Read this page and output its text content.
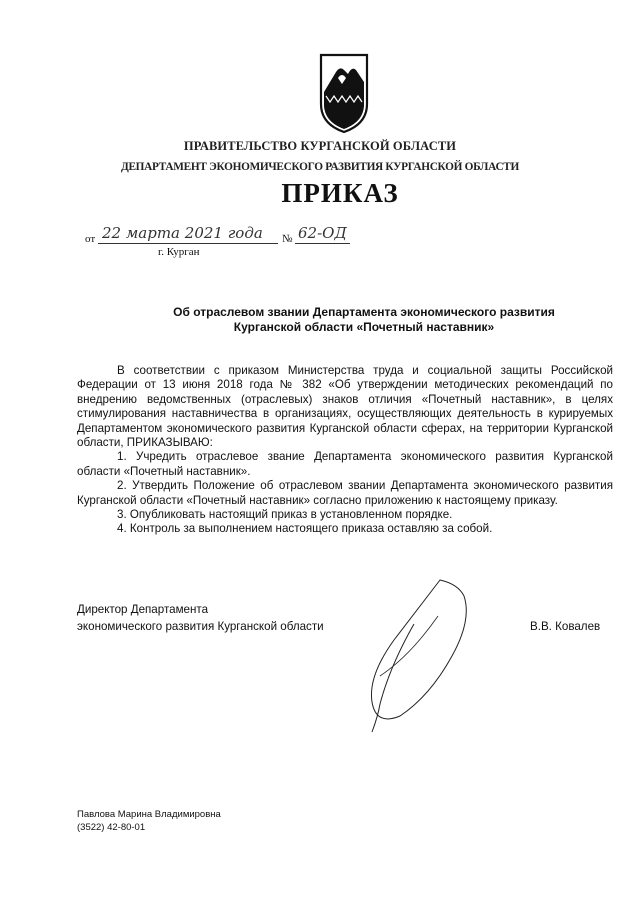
ПРАВИТЕЛЬСТВО КУРГАНСКОЙ ОБЛАСТИ
ДЕПАРТАМЕНТ ЭКОНОМИЧЕСКОГО РАЗВИТИЯ КУРГАНСКОЙ ОБЛАСТИ
ПРИКАЗ
от 22 марта 2021 года № 62-ОД
г. Курган
Об отраслевом звании Департамента экономического развития
Курганской области «Почетный наставник»

В соответствии с приказом Министерства труда и социальной защиты Российской Федерации от 13 июня 2018 года № 382 «Об утверждении методических рекомендаций по внедрению ведомственных (отраслевых) знаков отличия «Почетный наставник», в целях стимулирования наставничества в организациях, осуществляющих деятельность в курируемых Департаментом экономического развития Курганской области сферах, на территории Курганской области, ПРИКАЗЫВАЮ:

1. Учредить отраслевое звание Департамента экономического развития Курганской области «Почетный наставник».

2. Утвердить Положение об отраслевом звании Департамента экономического развития Курганской области «Почетный наставник» согласно приложению к настоящему приказу.

3. Опубликовать настоящий приказ в установленном порядке.

4. Контроль за выполнением настоящего приказа оставляю за собой.

Директор Департамента
экономического развития Курганской области	В.В. Ковалев
Павлова Марина Владимировна
(3522) 42-80-01
